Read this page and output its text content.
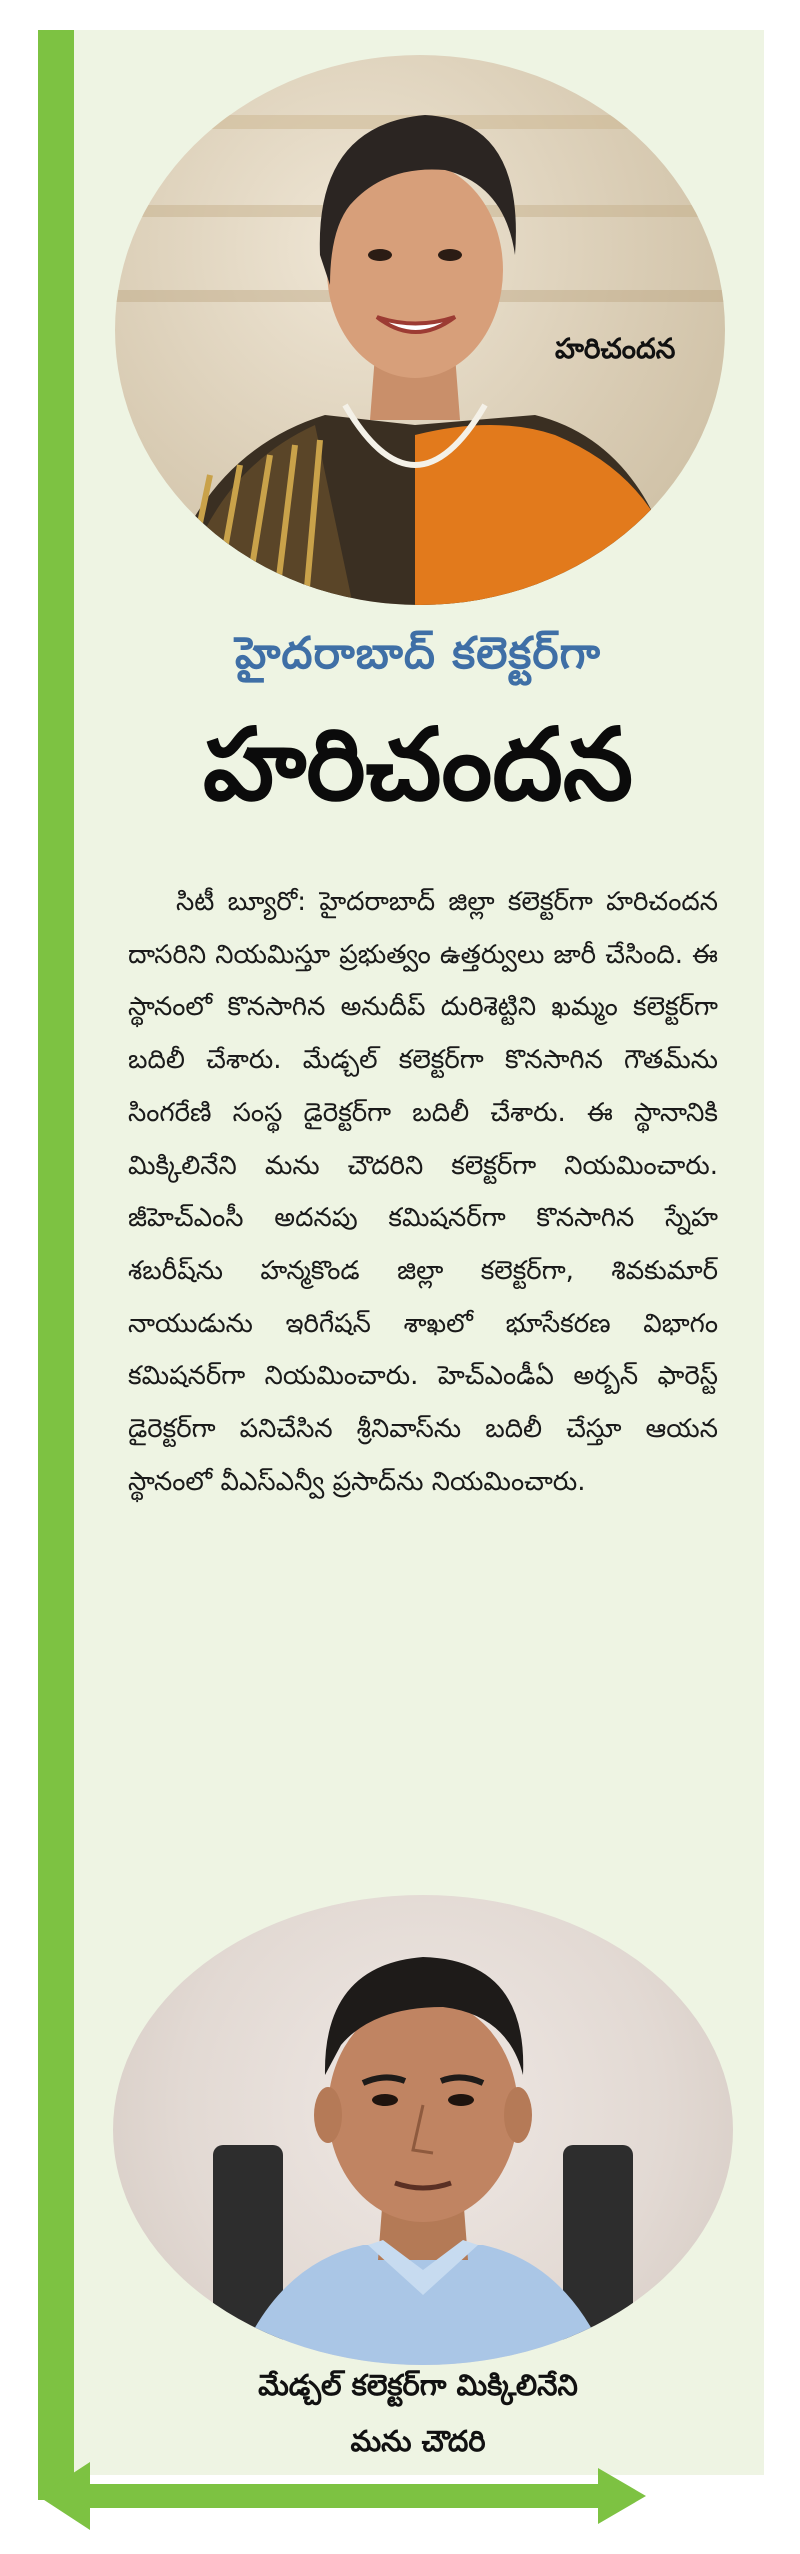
హరిచందన
హైదరాబాద్ కలెక్టర్‌గా
హరిచందన

సిటీ బ్యూరో: హైదరాబాద్ జిల్లా కలెక్టర్‌గా హరిచందన దాసరిని నియమిస్తూ ప్రభుత్వం ఉత్తర్వులు జారీ చేసింది. ఈ స్థానంలో కొనసాగిన అనుదీప్ దురిశెట్టిని ఖమ్మం కలెక్టర్‌గా బదిలీ చేశారు. మేడ్చల్ కలెక్టర్‌గా కొనసాగిన గౌతమ్‌ను సింగరేణి సంస్థ డైరెక్టర్‌గా బదిలీ చేశారు. ఈ స్థానానికి మిక్కిలినేని మను చౌదరిని కలెక్టర్‌గా నియమించారు. జీహెచ్ఎంసీ అదనపు కమిషనర్‌గా కొనసాగిన స్నేహ శబరీష్‌ను హన్మకొండ జిల్లా కలెక్టర్‌గా, శివకుమార్ నాయుడును ఇరిగేషన్ శాఖలో భూసేకరణ విభాగం కమిషనర్‌గా నియమించారు. హెచ్ఎండీఏ అర్బన్ ఫారెస్ట్ డైరెక్టర్‌గా పనిచేసిన శ్రీనివాస్‌ను బదిలీ చేస్తూ ఆయన స్థానంలో వీఎస్ఎన్వీ ప్రసాద్‌ను నియమించారు.

మేడ్చల్ కలెక్టర్‌గా మిక్కిలినేని
మను చౌదరి
